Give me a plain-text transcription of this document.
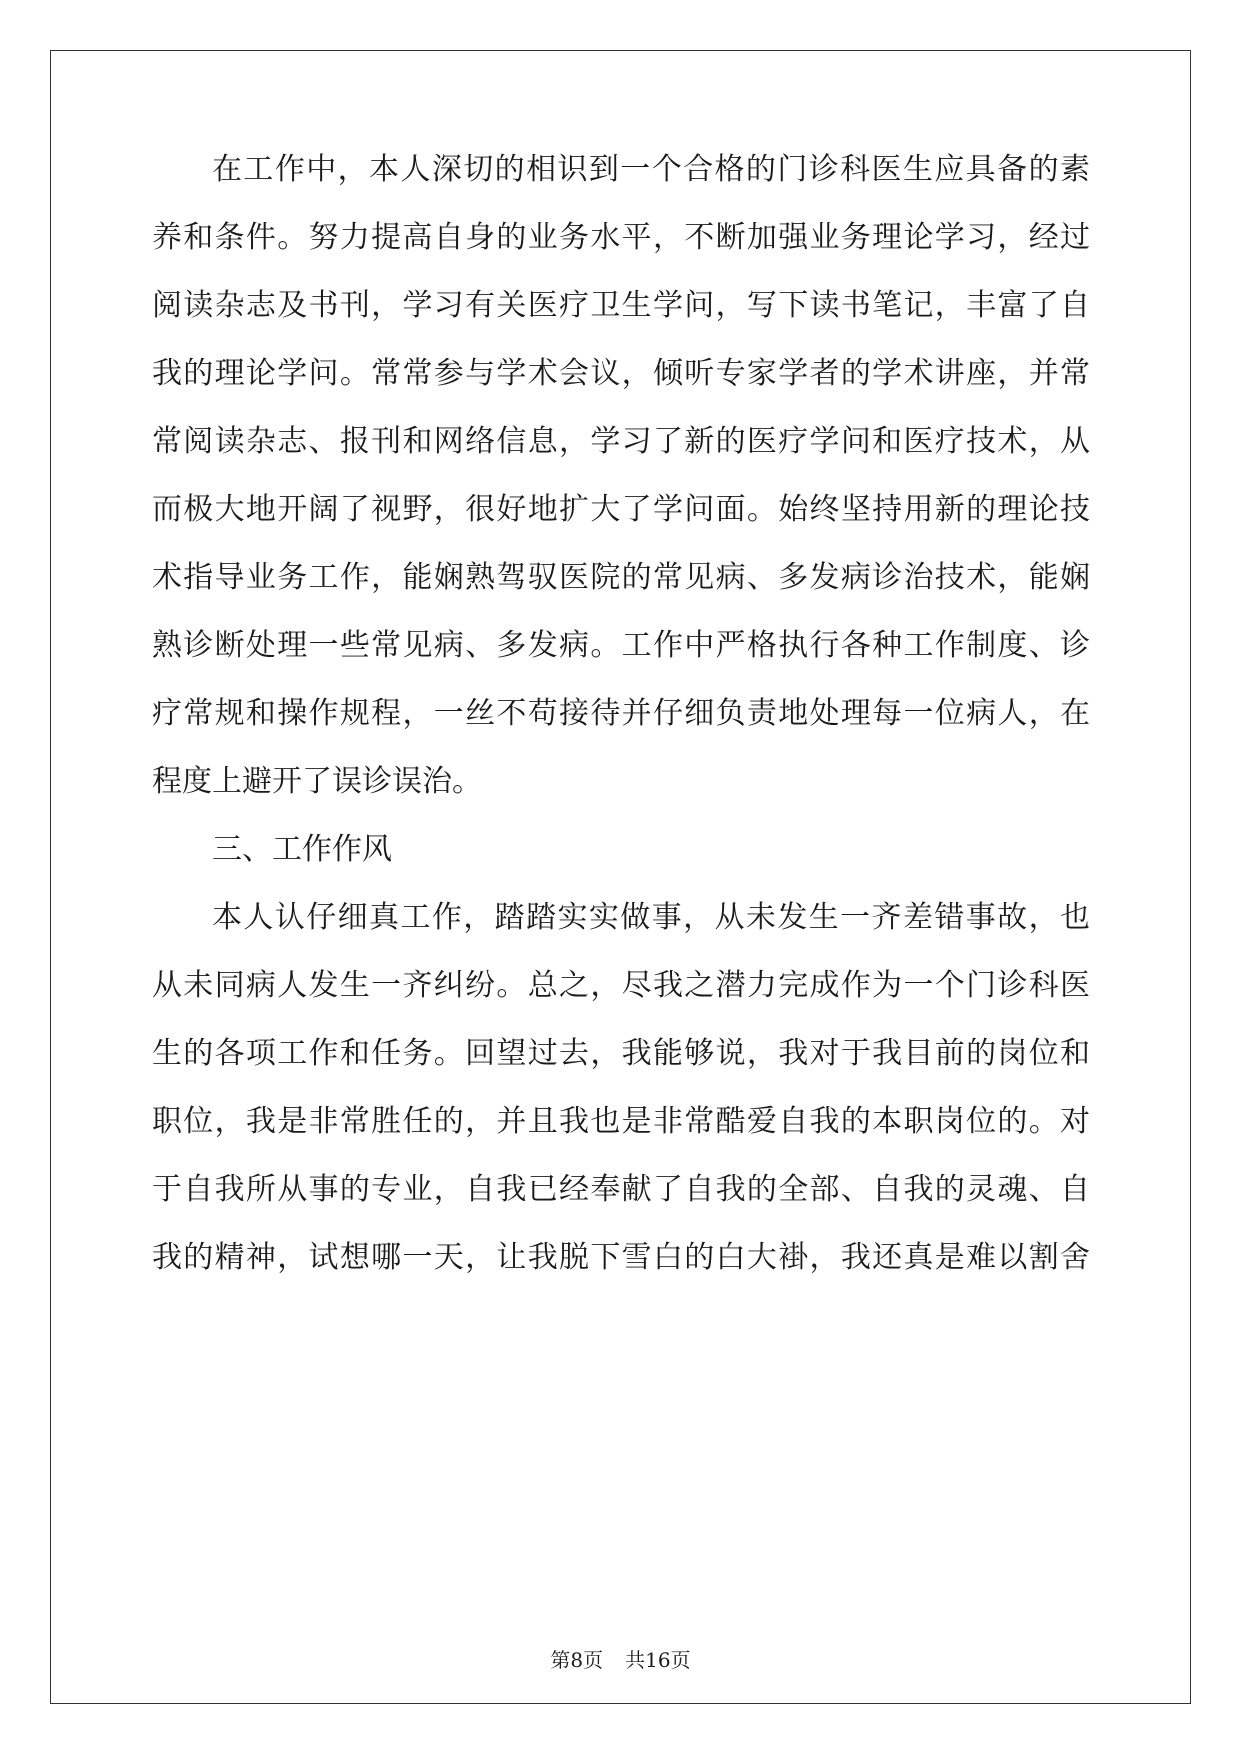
在工作中，本人深切的相识到一个合格的门诊科医生应具备的素
养和条件。努力提高自身的业务水平，不断加强业务理论学习，经过
阅读杂志及书刊，学习有关医疗卫生学问，写下读书笔记，丰富了自
我的理论学问。常常参与学术会议，倾听专家学者的学术讲座，并常
常阅读杂志、报刊和网络信息，学习了新的医疗学问和医疗技术，从
而极大地开阔了视野，很好地扩大了学问面。始终坚持用新的理论技
术指导业务工作，能娴熟驾驭医院的常见病、多发病诊治技术，能娴
熟诊断处理一些常见病、多发病。工作中严格执行各种工作制度、诊
疗常规和操作规程，一丝不苟接待并仔细负责地处理每一位病人，在
程度上避开了误诊误治。
三、工作作风
本人认仔细真工作，踏踏实实做事，从未发生一齐差错事故，也
从未同病人发生一齐纠纷。总之，尽我之潜力完成作为一个门诊科医
生的各项工作和任务。回望过去，我能够说，我对于我目前的岗位和
职位，我是非常胜任的，并且我也是非常酷爱自我的本职岗位的。对
于自我所从事的专业，自我已经奉献了自我的全部、自我的灵魂、自
我的精神，试想哪一天，让我脱下雪白的白大褂，我还真是难以割舍
第8页 共16页
